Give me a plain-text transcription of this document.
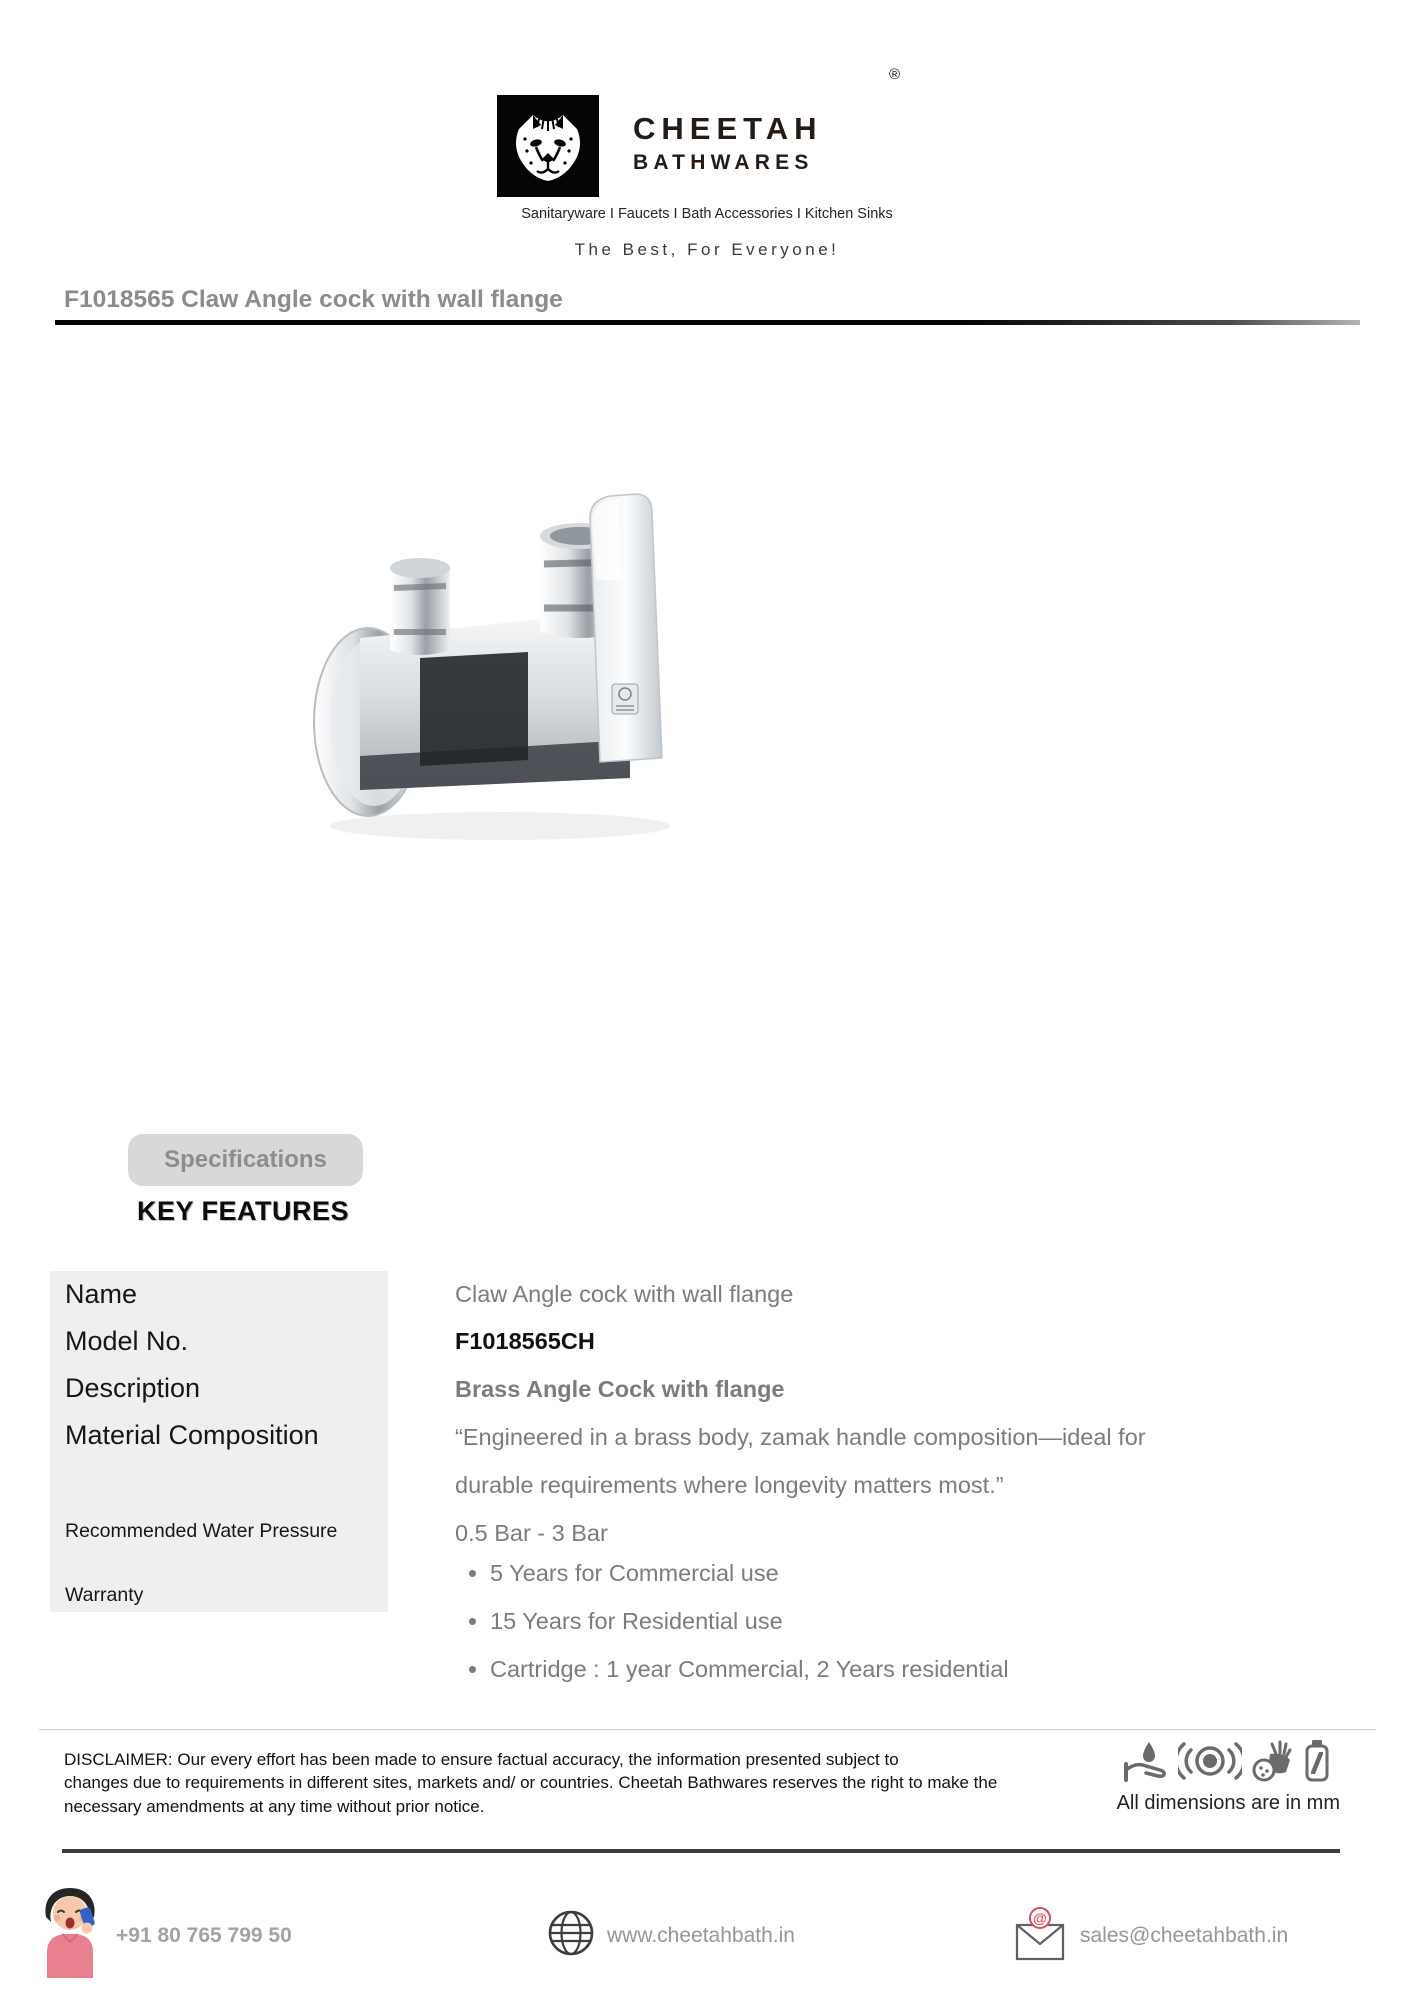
CHEETAH
BATHWARES
®
Sanitaryware I Faucets I Bath Accessories I Kitchen Sinks
The Best, For Everyone!
F1018565 Claw Angle cock with wall flange
Specifications
KEY FEATURES
Name
Model No.
Description
Material Composition
Recommended Water Pressure
Warranty
Claw Angle cock with wall flange
F1018565CH
Brass Angle Cock with flange
“Engineered in a brass body, zamak handle composition—ideal for
durable requirements where longevity matters most.”
0.5 Bar - 3 Bar
• 5 Years for Commercial use
• 15 Years for Residential use
• Cartridge : 1 year Commercial, 2 Years residential
DISCLAIMER: Our every effort has been made to ensure factual accuracy, the information presented subject to
changes due to requirements in different sites, markets and/ or countries. Cheetah Bathwares reserves the right to make the
necessary amendments at any time without prior notice.	All dimensions are in mm
+91 80 765 799 50	www.cheetahbath.in
@
sales@cheetahbath.in
